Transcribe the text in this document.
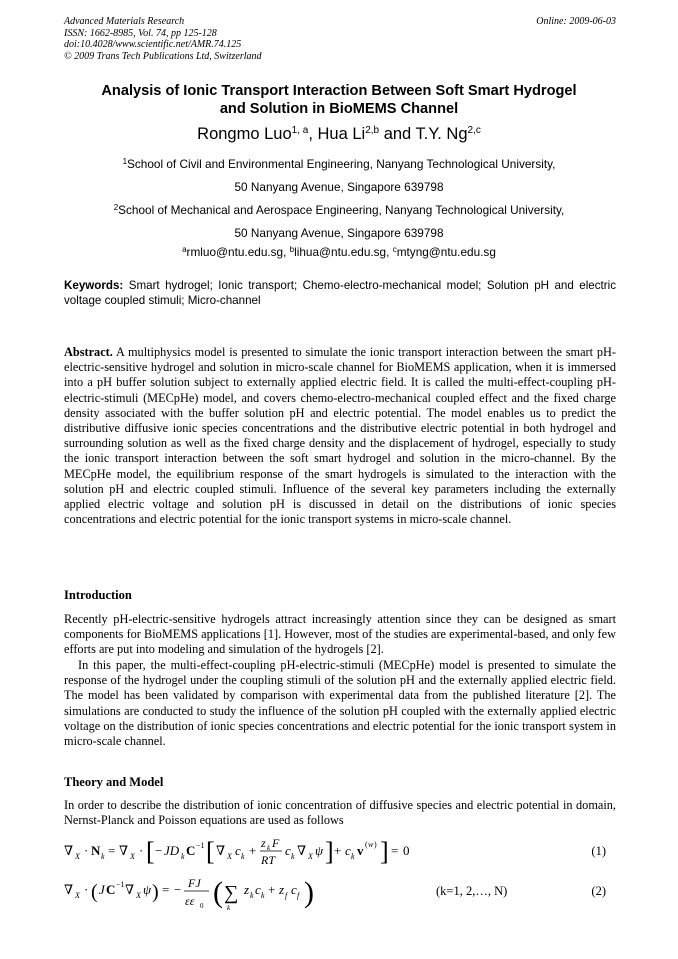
Advanced Materials Research
ISSN: 1662-8985, Vol. 74, pp 125-128
doi:10.4028/www.scientific.net/AMR.74.125
© 2009 Trans Tech Publications Ltd, Switzerland
Online: 2009-06-03
Analysis of Ionic Transport Interaction Between Soft Smart Hydrogel
and Solution in BioMEMS Channel
Rongmo Luo$^{1, a}$, Hua Li$^{2,b}$ and T.Y. Ng$^{2,c}$
$^1$School of Civil and Environmental Engineering, Nanyang Technological University,
50 Nanyang Avenue, Singapore 639798
$^2$School of Mechanical and Aerospace Engineering, Nanyang Technological University,
50 Nanyang Avenue, Singapore 639798
$^a$rmluo@ntu.edu.sg, $^b$lihua@ntu.edu.sg, $^c$mtyng@ntu.edu.sg
Keywords: Smart hydrogel; Ionic transport; Chemo-electro-mechanical model; Solution pH and electric voltage coupled stimuli; Micro-channel
Abstract. A multiphysics model is presented to simulate the ionic transport interaction between the smart pH-electric-sensitive hydrogel and solution in micro-scale channel for BioMEMS application, when it is immersed into a pH buffer solution subject to externally applied electric field. It is called the multi-effect-coupling pH-electric-stimuli (MECpHe) model, and covers chemo-electro-mechanical coupled effect and the fixed charge density associated with the buffer solution pH and electric potential. The model enables us to predict the distributive diffusive ionic species concentrations and the distributive electric potential in both hydrogel and surrounding solution as well as the fixed charge density and the displacement of hydrogel, especially to study the ionic transport interaction between the soft smart hydrogel and solution in the micro-channel. By the MECpHe model, the equilibrium response of the smart hydrogels is simulated to the interaction with the solution pH and electric coupled stimuli. Influence of the several key parameters including the externally applied electric voltage and solution pH is discussed in detail on the distributions of ionic species concentrations and electric potential for the ionic transport systems in micro-scale channel.
Introduction
Recently pH-electric-sensitive hydrogels attract increasingly attention since they can be designed as smart components for BioMEMS applications [1]. However, most of the studies are experimental-based, and only few efforts are put into modeling and simulation of the hydrogels [2].
In this paper, the multi-effect-coupling pH-electric-stimuli (MECpHe) model is presented to simulate the response of the hydrogel under the coupling stimuli of the solution pH and the externally applied electric field. The model has been validated by comparison with experimental data from the published literature [2]. The simulations are conducted to study the influence of the solution pH coupled with the externally applied electric voltage on the distribution of ionic species concentrations and electric potential for the ionic transport system in micro-scale channel.
Theory and Model
In order to describe the distribution of ionic concentration of diffusive species and electric potential in domain, Nernst-Planck and Poisson equations are used as follows
∇ X · N k = ∇ X · [ − JD k C −1 [ ∇ X c k + z k F
RT
c k ∇ X ψ ] + c k v ( w ) ] = 0	(1)
∇ X · ( J C −1 ∇ X ψ ) = − FJ
εε 0 ( ∑
k
z k c k + z f c f )	(k=1, 2,…, N)	(2)
